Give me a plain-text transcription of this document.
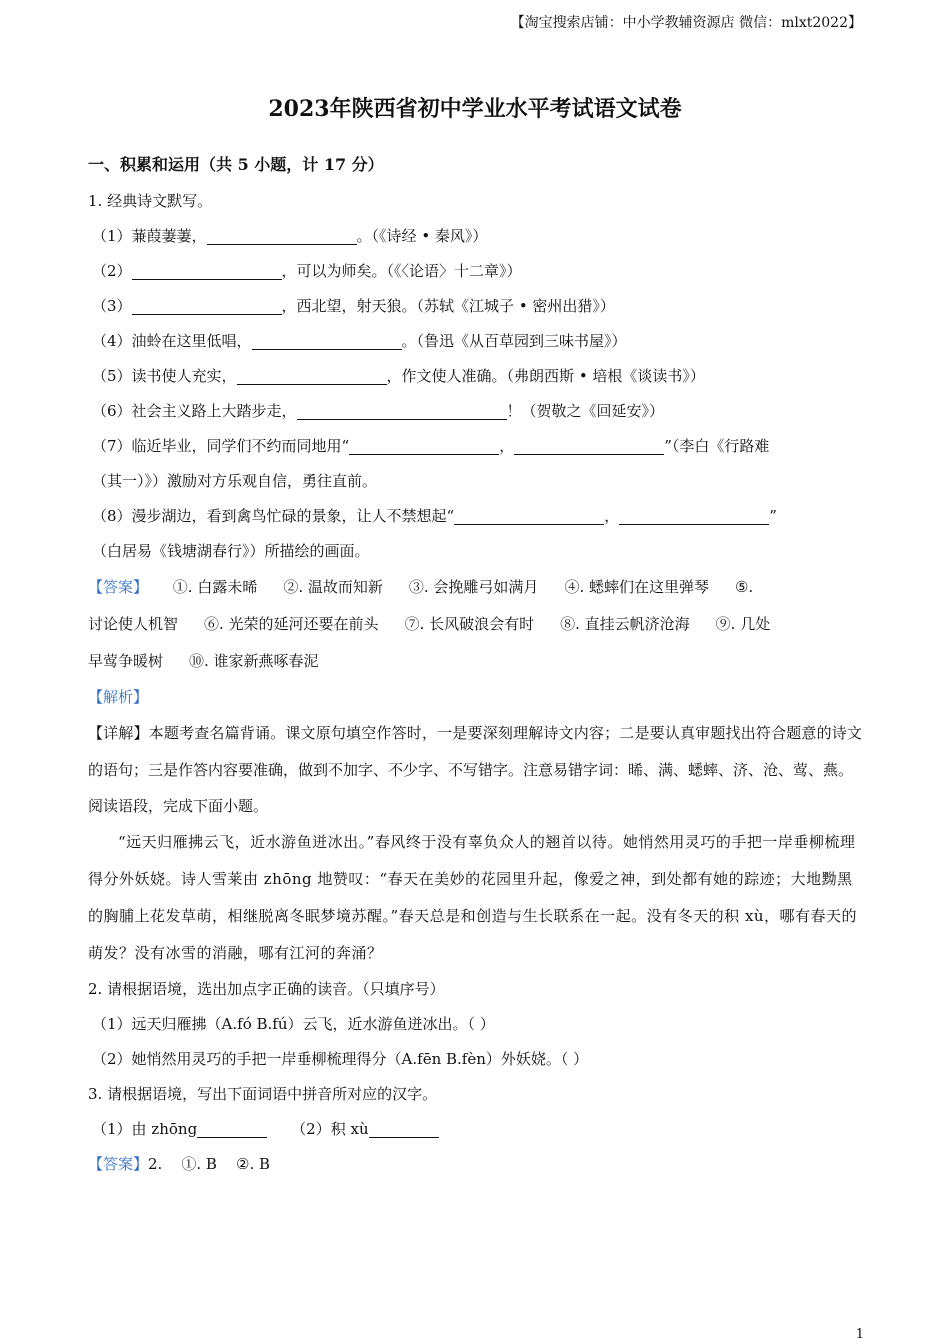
【淘宝搜索店铺：中小学教辅资源店 微信：mlxt2022】
2023年陕西省初中学业水平考试语文试卷
一、积累和运用（共 5 小题，计 17 分）
1. 经典诗文默写。
（1）蒹葭萋萋，	。（《诗经 • 秦风》）
（2）	，可以为师矣。（《〈论语〉十二章》）
（3）	，西北望，射天狼。（苏轼《江城子 • 密州出猎》）
（4）油蛉在这里低唱，	。（鲁迅《从百草园到三味书屋》）
（5）读书使人充实，	，作文使人准确。（弗朗西斯 • 培根《谈读书》）
（6）社会主义路上大踏步走，	！（贺敬之《回延安》）
（7）临近毕业，同学们不约而同地用“	，	”（李白《行路难
（其一）》）激励对方乐观自信，勇往直前。
（8）漫步湖边，看到禽鸟忙碌的景象，让人不禁想起“	，	”
（白居易《钱塘湖春行》）所描绘的画面。
【答案】 ①. 白露未晞 ②. 温故而知新 ③. 会挽雕弓如满月 ④. 蟋蟀们在这里弹琴 ⑤.
讨论使人机智 ⑥. 光荣的延河还要在前头 ⑦. 长风破浪会有时 ⑧. 直挂云帆济沧海 ⑨. 几处
早莺争暖树 ⑩. 谁家新燕啄春泥
【解析】
【详解】本题考查名篇背诵。课文原句填空作答时，一是要深刻理解诗文内容；二是要认真审题找出符合题意的诗文的语句；三是作答内容要准确，做到不加字、不少字、不写错字。注意易错字词：晞、满、蟋蟀、济、沧、莺、燕。
阅读语段，完成下面小题。
“远天归雁拂云飞，近水游鱼迸冰出。”春风终于没有辜负众人的翘首以待。她悄然用灵巧的手把一岸垂柳梳理得分外妖娆。诗人雪莱由 zhōng 地赞叹：“春天在美妙的花园里升起，像爱之神，到处都有她的踪迹；大地黝黑的胸脯上花发草萌，相继脱离冬眠梦境苏醒。”春天总是和创造与生长联系在一起。没有冬天的积 xù，哪有春天的萌发？没有冰雪的消融，哪有江河的奔涌？
2. 请根据语境，选出加点字正确的读音。（只填序号）
（1）远天归雁拂（A.fó B.fú）云飞，近水游鱼迸冰出。（ ）
（2）她悄然用灵巧的手把一岸垂柳梳理得分（A.fēn B.fèn）外妖娆。（ ）
3. 请根据语境，写出下面词语中拼音所对应的汉字。
（1）由 zhōng	（2）积 xù
【答案】2.    ①. B    ②. B
1
